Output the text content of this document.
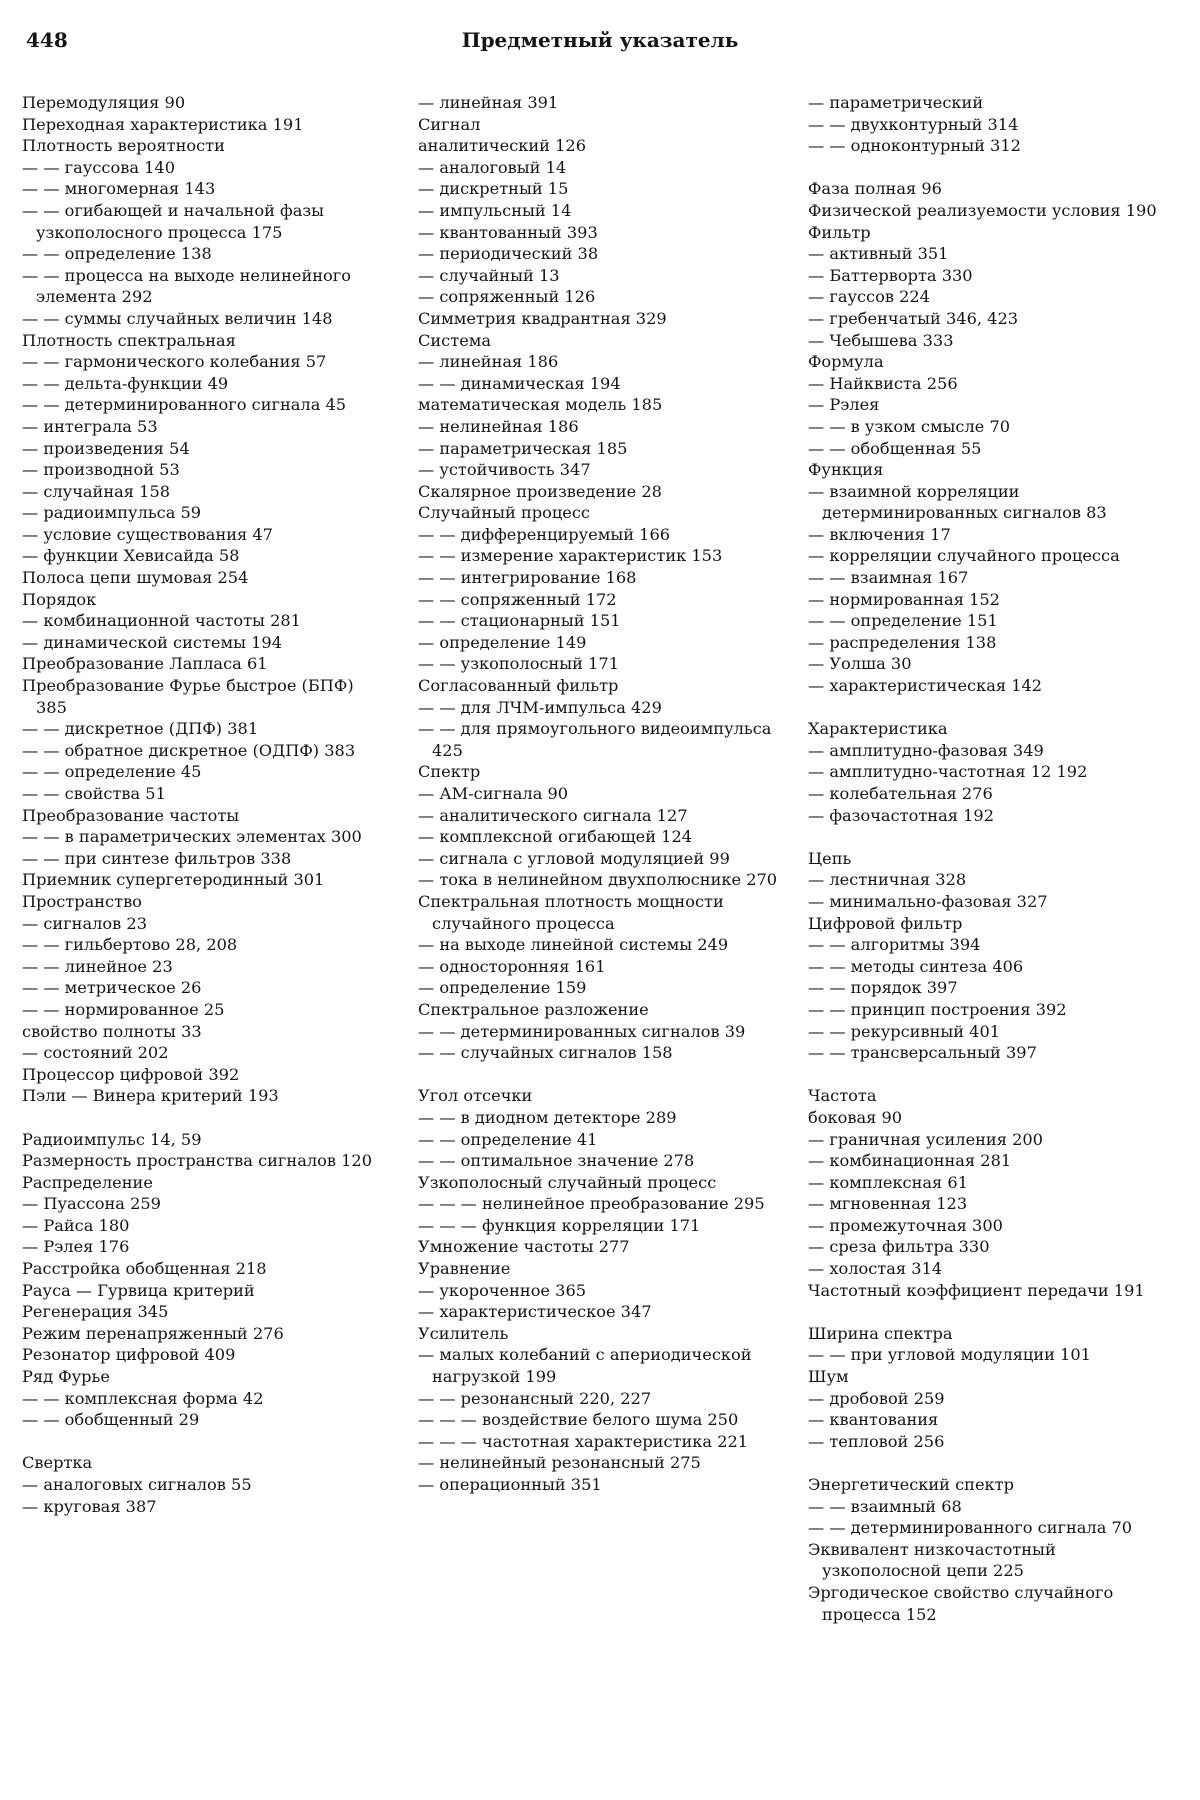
448	Предметный указатель
Перемодуляция 90
Переходная характеристика 191
Плотность вероятности
— — гауссова 140
— — многомерная 143
— — огибающей и начальной фазы узкополосного процесса 175
— — определение 138
— — процесса на выходе нелинейного элемента 292
— — суммы случайных величин 148
Плотность спектральная
— — гармонического колебания 57
— — дельта-функции 49
— — детерминированного сигнала 45
— интеграла 53
— произведения 54
— производной 53
— случайная 158
— радиоимпульса 59
— условие существования 47
— функции Хевисайда 58
Полоса цепи шумовая 254
Порядок
— комбинационной частоты 281
— динамической системы 194
Преобразование Лапласа 61
Преобразование Фурье быстрое (БПФ) 385
— — дискретное (ДПФ) 381
— — обратное дискретное (ОДПФ) 383
— — определение 45
— — свойства 51
Преобразование частоты
— — в параметрических элементах 300
— — при синтезе фильтров 338
Приемник супергетеродинный 301
Пространство
— сигналов 23
— — гильбертово 28, 208
— — линейное 23
— — метрическое 26
— — нормированное 25
свойство полноты 33
— состояний 202
Процессор цифровой 392
Пэли — Винера критерий 193
Радиоимпульс 14, 59
Размерность пространства сигналов 120
Распределение
— Пуассона 259
— Райса 180
— Рэлея 176
Расстройка обобщенная 218
Рауса — Гурвица критерий
Регенерация 345
Режим перенапряженный 276
Резонатор цифровой 409
Ряд Фурье
— — комплексная форма 42
— — обобщенный 29
Свертка
— аналоговых сигналов 55
— круговая 387
— линейная 391
Сигнал
аналитический 126
— аналоговый 14
— дискретный 15
— импульсный 14
— квантованный 393
— периодический 38
— случайный 13
— сопряженный 126
Симметрия квадрантная 329
Система
— линейная 186
— — динамическая 194
математическая модель 185
— нелинейная 186
— параметрическая 185
— устойчивость 347
Скалярное произведение 28
Случайный процесс
— — дифференцируемый 166
— — измерение характеристик 153
— — интегрирование 168
— — сопряженный 172
— — стационарный 151
— определение 149
— — узкополосный 171
Согласованный фильтр
— — для ЛЧМ-импульса 429
— — для прямоугольного видеоимпульса 425
Спектр
— АМ-сигнала 90
— аналитического сигнала 127
— комплексной огибающей 124
— сигнала с угловой модуляцией 99
— тока в нелинейном двухполюснике 270
Спектральная плотность мощности случайного процесса
— на выходе линейной системы 249
— односторонняя 161
— определение 159
Спектральное разложение
— — детерминированных сигналов 39
— — случайных сигналов 158
Угол отсечки
— — в диодном детекторе 289
— — определение 41
— — оптимальное значение 278
Узкополосный случайный процесс
— — — нелинейное преобразование 295
— — — функция корреляции 171
Умножение частоты 277
Уравнение
— укороченное 365
— характеристическое 347
Усилитель
— малых колебаний с апериодической нагрузкой 199
— — резонансный 220, 227
— — — воздействие белого шума 250
— — — частотная характеристика 221
— нелинейный резонансный 275
— операционный 351
— параметрический
— — двухконтурный 314
— — одноконтурный 312
Фаза полная 96
Физической реализуемости условия 190
Фильтр
— активный 351
— Баттерворта 330
— гауссов 224
— гребенчатый 346, 423
— Чебышева 333
Формула
— Найквиста 256
— Рэлея
— — в узком смысле 70
— — обобщенная 55
Функция
— взаимной корреляции детерминированных сигналов 83
— включения 17
— корреляции случайного процесса
— — взаимная 167
— нормированная 152
— — определение 151
— распределения 138
— Уолша 30
— характеристическая 142
Характеристика
— амплитудно-фазовая 349
— амплитудно-частотная 12 192
— колебательная 276
— фазочастотная 192
Цепь
— лестничная 328
— минимально-фазовая 327
Цифровой фильтр
— — алгоритмы 394
— — методы синтеза 406
— — порядок 397
— — принцип построения 392
— — рекурсивный 401
— — трансверсальный 397
Частота
боковая 90
— граничная усиления 200
— комбинационная 281
— комплексная 61
— мгновенная 123
— промежуточная 300
— среза фильтра 330
— холостая 314
Частотный коэффициент передачи 191
Ширина спектра
— — при угловой модуляции 101
Шум
— дробовой 259
— квантования
— тепловой 256
Энергетический спектр
— — взаимный 68
— — детерминированного сигнала 70
Эквивалент низкочастотный узкополосной цепи 225
Эргодическое свойство случайного процесса 152
